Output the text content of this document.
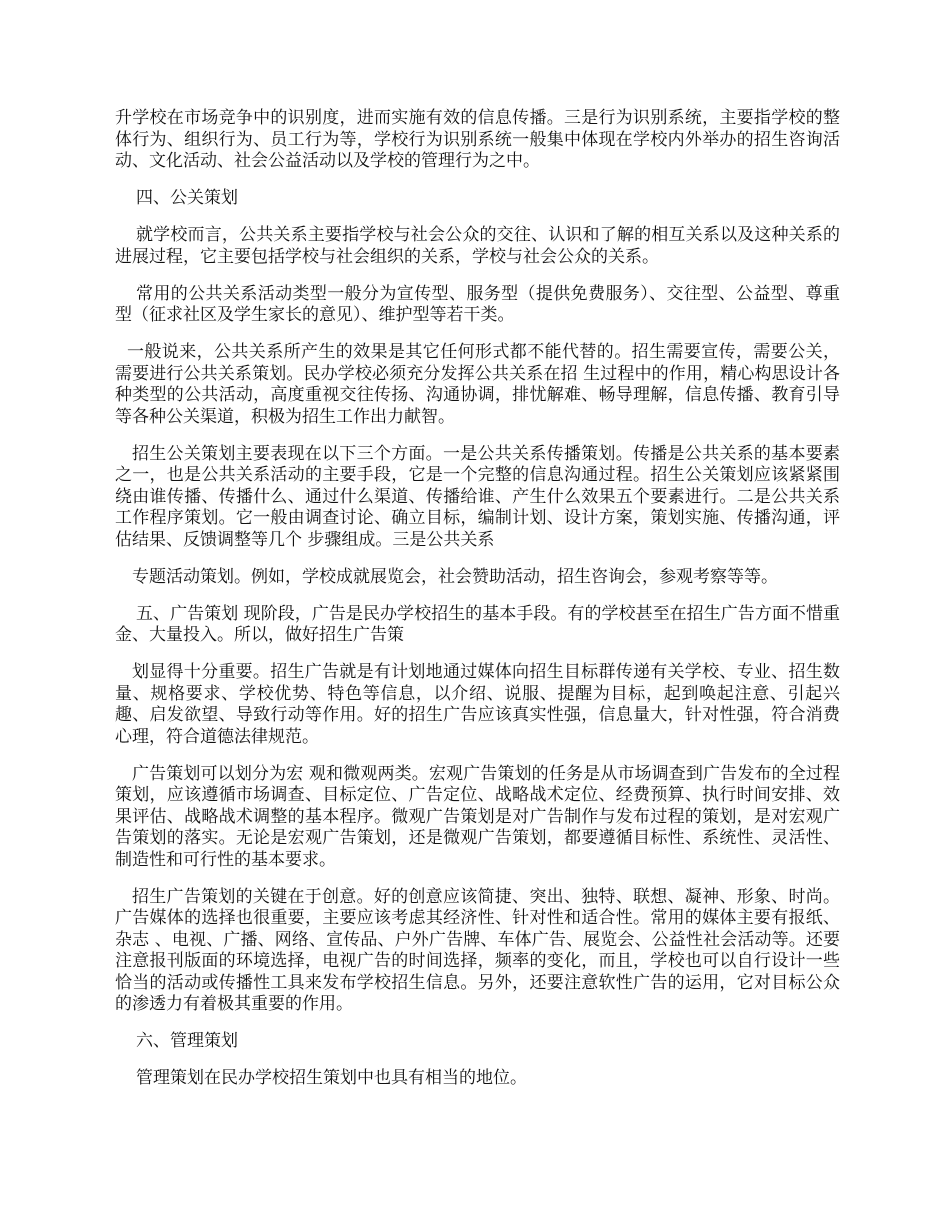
升学校在市场竞争中的识别度，进而实施有效的信息传播。三是行为识别系统，主要指学校的整体行为、组织行为、员工行为等，学校行为识别系统一般集中体现在学校内外举办的招生咨询活动、文化活动、社会公益活动以及学校的管理行为之中。

四、公关策划

就学校而言，公共关系主要指学校与社会公众的交往、认识和了解的相互关系以及这种关系的进展过程，它主要包括学校与社会组织的关系，学校与社会公众的关系。

常用的公共关系活动类型一般分为宣传型、服务型（提供免费服务）、交往型、公益型、尊重型（征求社区及学生家长的意见）、维护型等若干类。

一般说来，公共关系所产生的效果是其它任何形式都不能代替的。招生需要宣传，需要公关，需要进行公共关系策划。民办学校必须充分发挥公共关系在招 生过程中的作用，精心构思设计各种类型的公共活动，高度重视交往传扬、沟通协调，排忧解难、畅导理解，信息传播、教育引导等各种公关渠道，积极为招生工作出力献智。

招生公关策划主要表现在以下三个方面。一是公共关系传播策划。传播是公共关系的基本要素之一，也是公共关系活动的主要手段，它是一个完整的信息沟通过程。招生公关策划应该紧紧围绕由谁传播、传播什么、通过什么渠道、传播给谁、产生什么效果五个要素进行。二是公共关系工作程序策划。它一般由调查讨论、确立目标，编制计划、设计方案，策划实施、传播沟通，评估结果、反馈调整等几个 步骤组成。三是公共关系

专题活动策划。例如，学校成就展览会，社会赞助活动，招生咨询会，参观考察等等。

五、广告策划 现阶段，广告是民办学校招生的基本手段。有的学校甚至在招生广告方面不惜重金、大量投入。所以，做好招生广告策

划显得十分重要。招生广告就是有计划地通过媒体向招生目标群传递有关学校、专业、招生数量、规格要求、学校优势、特色等信息，以介绍、说服、提醒为目标，起到唤起注意、引起兴趣、启发欲望、导致行动等作用。好的招生广告应该真实性强，信息量大，针对性强，符合消费心理，符合道德法律规范。

广告策划可以划分为宏 观和微观两类。宏观广告策划的任务是从市场调查到广告发布的全过程策划，应该遵循市场调查、目标定位、广告定位、战略战术定位、经费预算、执行时间安排、效果评估、战略战术调整的基本程序。微观广告策划是对广告制作与发布过程的策划，是对宏观广告策划的落实。无论是宏观广告策划，还是微观广告策划，都要遵循目标性、系统性、灵活性、制造性和可行性的基本要求。

招生广告策划的关键在于创意。好的创意应该简捷、突出、独特、联想、凝神、形象、时尚。广告媒体的选择也很重要，主要应该考虑其经济性、针对性和适合性。常用的媒体主要有报纸、杂志 、电视、广播、网络、宣传品、户外广告牌、车体广告、展览会、公益性社会活动等。还要注意报刊版面的环境选择，电视广告的时间选择，频率的变化，而且，学校也可以自行设计一些恰当的活动或传播性工具来发布学校招生信息。另外，还要注意软性广告的运用，它对目标公众的渗透力有着极其重要的作用。

六、管理策划

管理策划在民办学校招生策划中也具有相当的地位。
